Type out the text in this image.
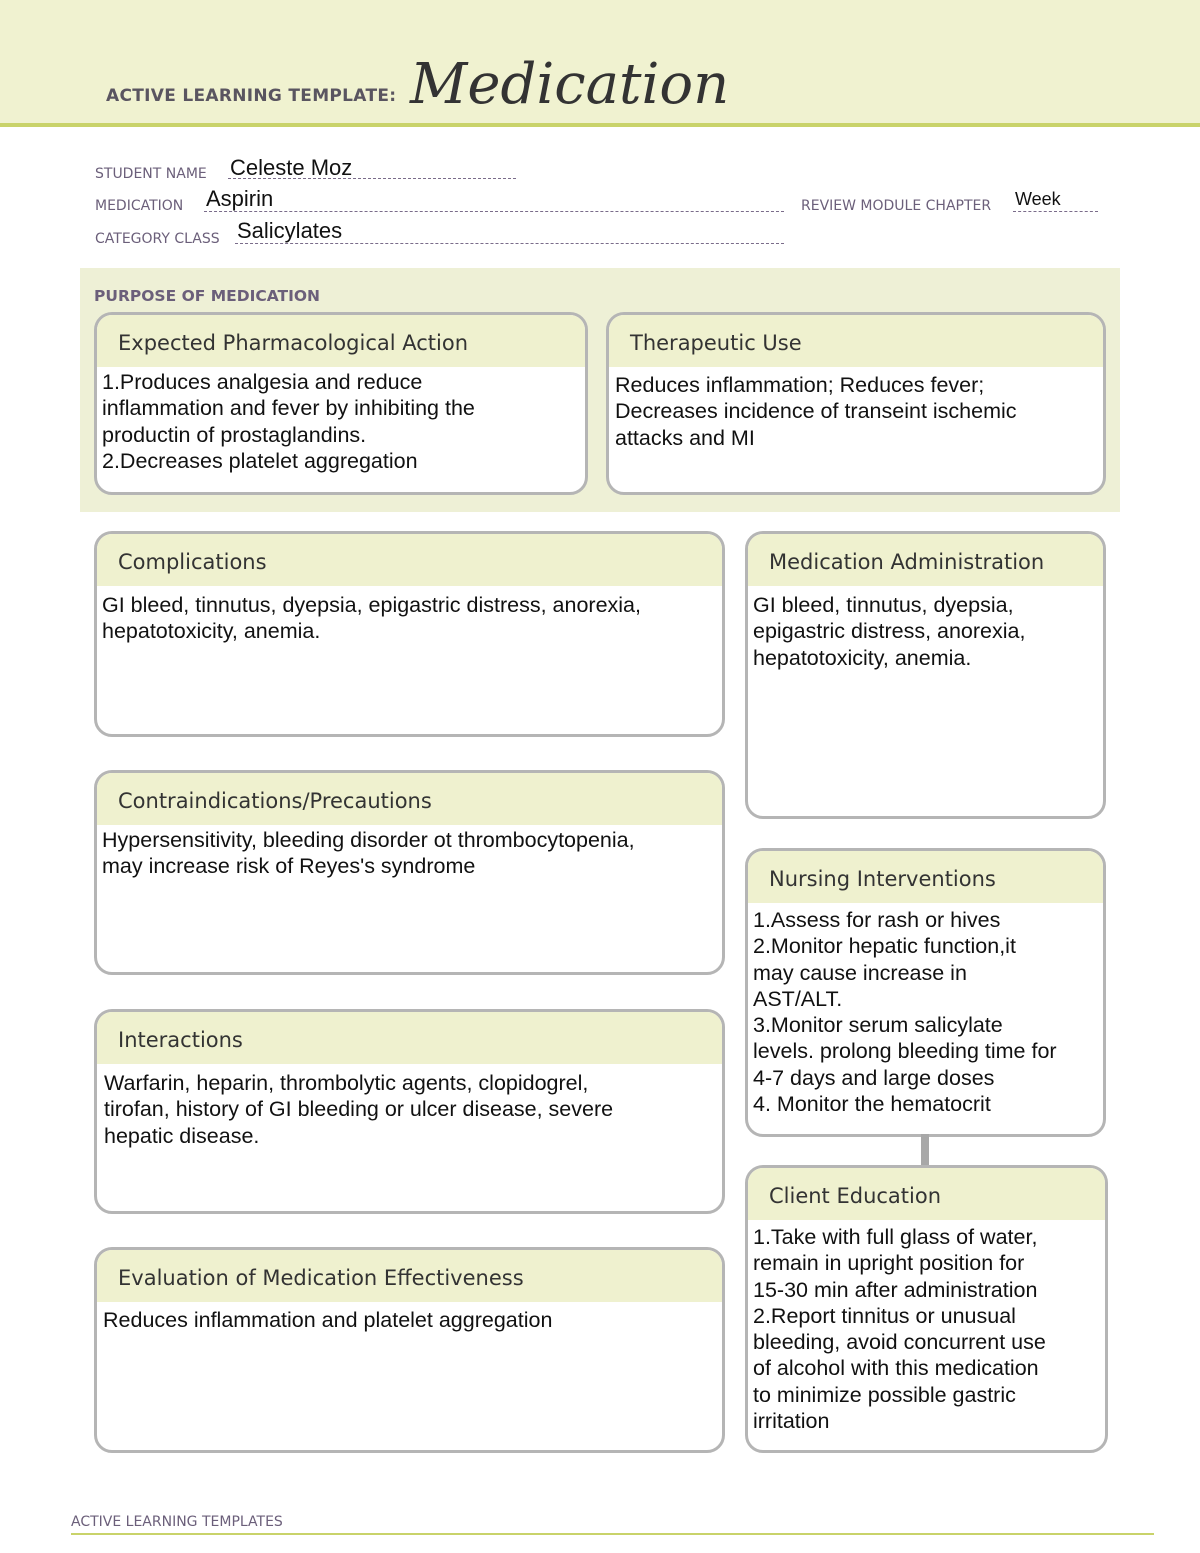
ACTIVE LEARNING TEMPLATE: Medication
STUDENT NAME Celeste Moz
MEDICATION Aspirin	REVIEW MODULE CHAPTER Week
CATEGORY CLASS Salicylates
PURPOSE OF MEDICATION
Expected Pharmacological Action
1.Produces analgesia and reduce
inflammation and fever by inhibiting the
productin of prostaglandins.
2.Decreases platelet aggregation
Therapeutic Use
Reduces inflammation; Reduces fever;
Decreases incidence of transeint ischemic
attacks and MI
Complications
GI bleed, tinnutus, dyepsia, epigastric distress, anorexia,
hepatotoxicity, anemia.
Medication Administration
GI bleed, tinnutus, dyepsia,
epigastric distress, anorexia,
hepatotoxicity, anemia.
Contraindications/Precautions
Hypersensitivity, bleeding disorder ot thrombocytopenia,
may increase risk of Reyes's syndrome
Nursing Interventions
1.Assess for rash or hives
2.Monitor hepatic function,it
may cause increase in
AST/ALT.
3.Monitor serum salicylate
levels. prolong bleeding time for
4-7 days and large doses
4. Monitor the hematocrit
Interactions
Warfarin, heparin, thrombolytic agents, clopidogrel,
tirofan, history of GI bleeding or ulcer disease, severe
hepatic disease.
Client Education
1.Take with full glass of water,
remain in upright position for
15-30 min after administration
2.Report tinnitus or unusual
bleeding, avoid concurrent use
of alcohol with this medication
to minimize possible gastric
irritation
Evaluation of Medication Effectiveness
Reduces inflammation and platelet aggregation
ACTIVE LEARNING TEMPLATES
